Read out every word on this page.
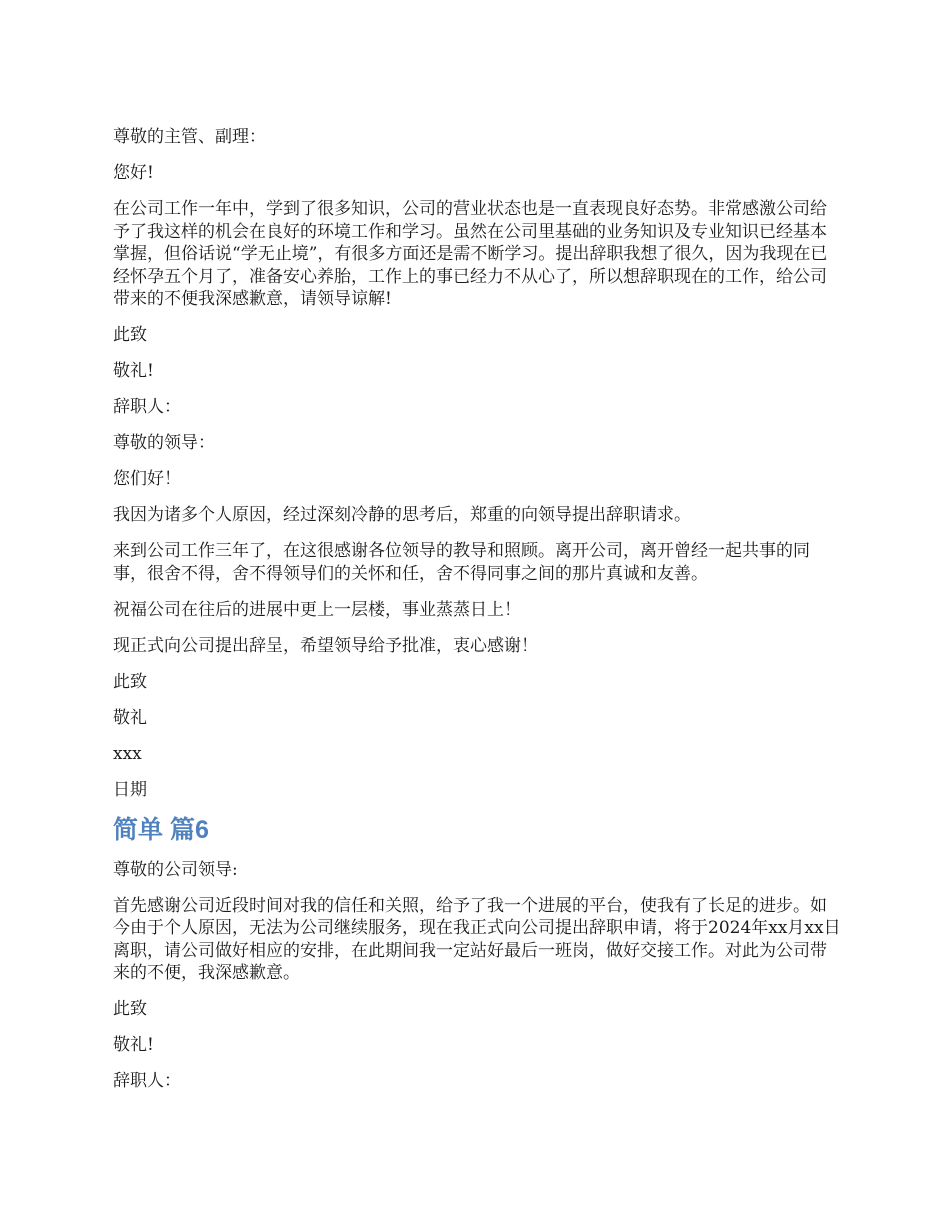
尊敬的主管、副理：

您好!

在公司工作一年中，学到了很多知识，公司的营业状态也是一直表现良好态势。非常感激公司给予了我这样的机会在良好的环境工作和学习。虽然在公司里基础的业务知识及专业知识已经基本掌握，但俗话说“学无止境”，有很多方面还是需不断学习。提出辞职我想了很久，因为我现在已经怀孕五个月了，准备安心养胎，工作上的事已经力不从心了，所以想辞职现在的工作，给公司带来的不便我深感歉意，请领导谅解!

此致

敬礼!

辞职人：

尊敬的领导：

您们好！

我因为诸多个人原因，经过深刻冷静的思考后，郑重的向领导提出辞职请求。

来到公司工作三年了，在这很感谢各位领导的教导和照顾。离开公司，离开曾经一起共事的同事，很舍不得，舍不得领导们的关怀和任，舍不得同事之间的那片真诚和友善。

祝福公司在往后的进展中更上一层楼，事业蒸蒸日上！

现正式向公司提出辞呈，希望领导给予批准，衷心感谢！

此致

敬礼

xxx

日期

简单 篇6

尊敬的公司领导:

首先感谢公司近段时间对我的信任和关照，给予了我一个进展的平台，使我有了长足的进步。如今由于个人原因，无法为公司继续服务，现在我正式向公司提出辞职申请，将于2024年xx月xx日离职，请公司做好相应的安排，在此期间我一定站好最后一班岗，做好交接工作。对此为公司带来的不便，我深感歉意。

此致

敬礼!

辞职人：
